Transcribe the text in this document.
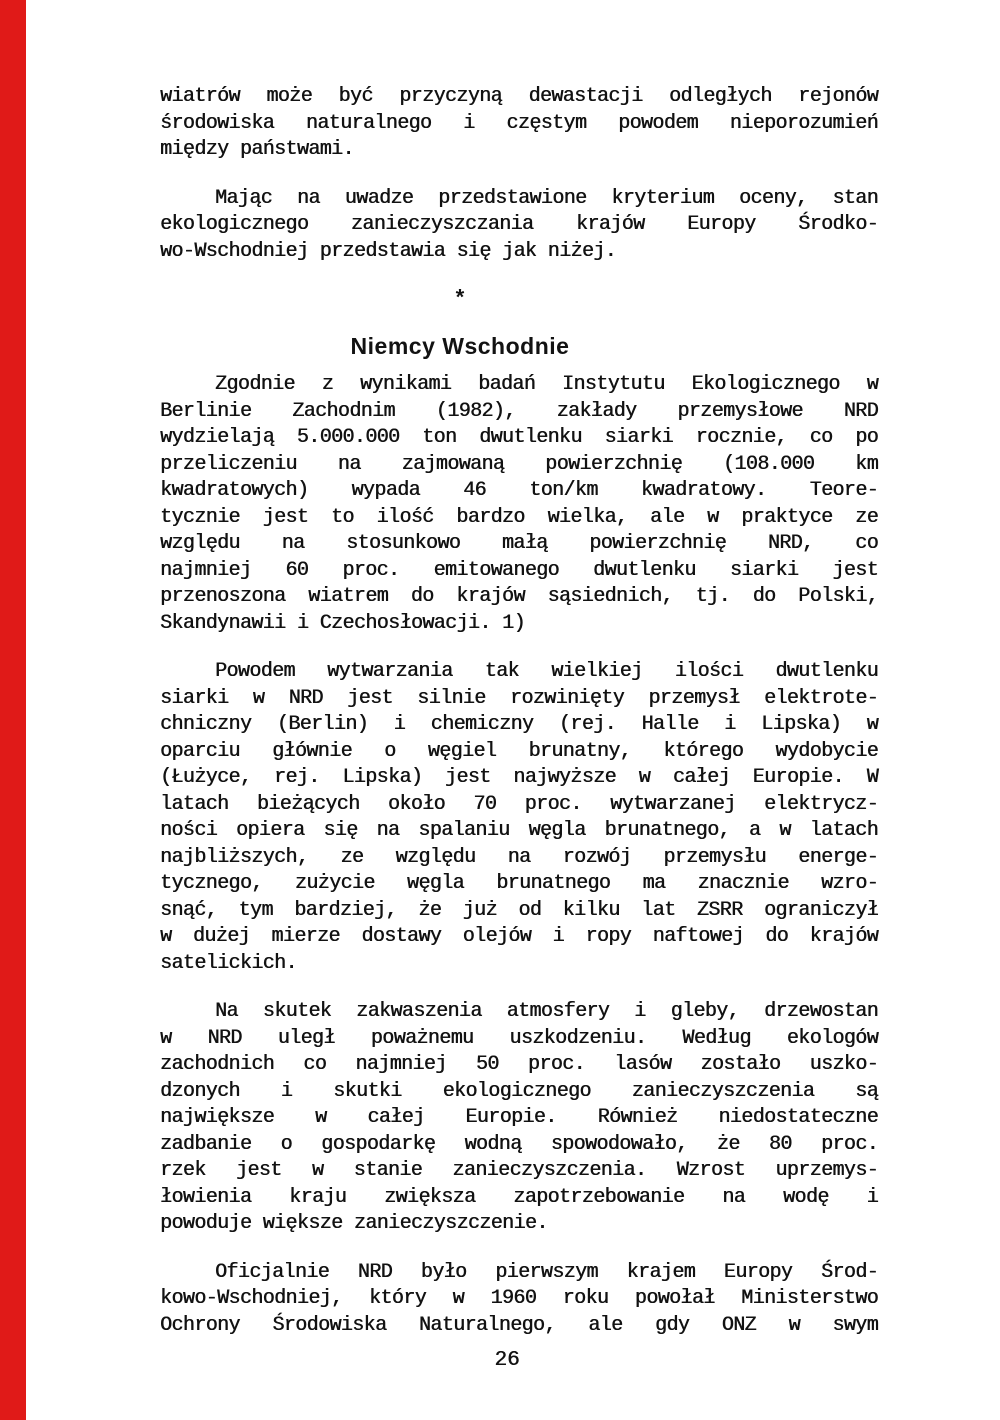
wiatrów może być przyczyną dewastacji odległych rejonów
środowiska naturalnego i częstym powodem nieporozumień
między państwami.
Mając na uwadze przedstawione kryterium oceny, stan
ekologicznego zanieczyszczania krajów Europy Środko-
wo-Wschodniej przedstawia się jak niżej.
*
Niemcy Wschodnie
Zgodnie z wynikami badań Instytutu Ekologicznego w
Berlinie Zachodnim (1982), zakłady przemysłowe NRD
wydzielają 5.000.000 ton dwutlenku siarki rocznie, co po
przeliczeniu na zajmowaną powierzchnię (108.000 km
kwadratowych) wypada 46 ton/km kwadratowy. Teore-
tycznie jest to ilość bardzo wielka, ale w praktyce ze
względu na stosunkowo małą powierzchnię NRD, co
najmniej 60 proc. emitowanego dwutlenku siarki jest
przenoszona wiatrem do krajów sąsiednich, tj. do Polski,
Skandynawii i Czechosłowacji. 1)
Powodem wytwarzania tak wielkiej ilości dwutlenku
siarki w NRD jest silnie rozwinięty przemysł elektrote-
chniczny (Berlin) i chemiczny (rej. Halle i Lipska) w
oparciu głównie o węgiel brunatny, którego wydobycie
(Łużyce, rej. Lipska) jest najwyższe w całej Europie. W
latach bieżących około 70 proc. wytwarzanej elektrycz-
ności opiera się na spalaniu węgla brunatnego, a w latach
najbliższych, ze względu na rozwój przemysłu energe-
tycznego, zużycie węgla brunatnego ma znacznie wzro-
snąć, tym bardziej, że już od kilku lat ZSRR ograniczył
w dużej mierze dostawy olejów i ropy naftowej do krajów
satelickich.
Na skutek zakwaszenia atmosfery i gleby, drzewostan
w NRD uległ poważnemu uszkodzeniu. Według ekologów
zachodnich co najmniej 50 proc. lasów zostało uszko-
dzonych i skutki ekologicznego zanieczyszczenia są
największe w całej Europie. Również niedostateczne
zadbanie o gospodarkę wodną spowodowało, że 80 proc.
rzek jest w stanie zanieczyszczenia. Wzrost uprzemys-
łowienia kraju zwiększa zapotrzebowanie na wodę i
powoduje większe zanieczyszczenie.
Oficjalnie NRD było pierwszym krajem Europy Środ-
kowo-Wschodniej, który w 1960 roku powołał Ministerstwo
Ochrony Środowiska Naturalnego, ale gdy ONZ w swym
26
